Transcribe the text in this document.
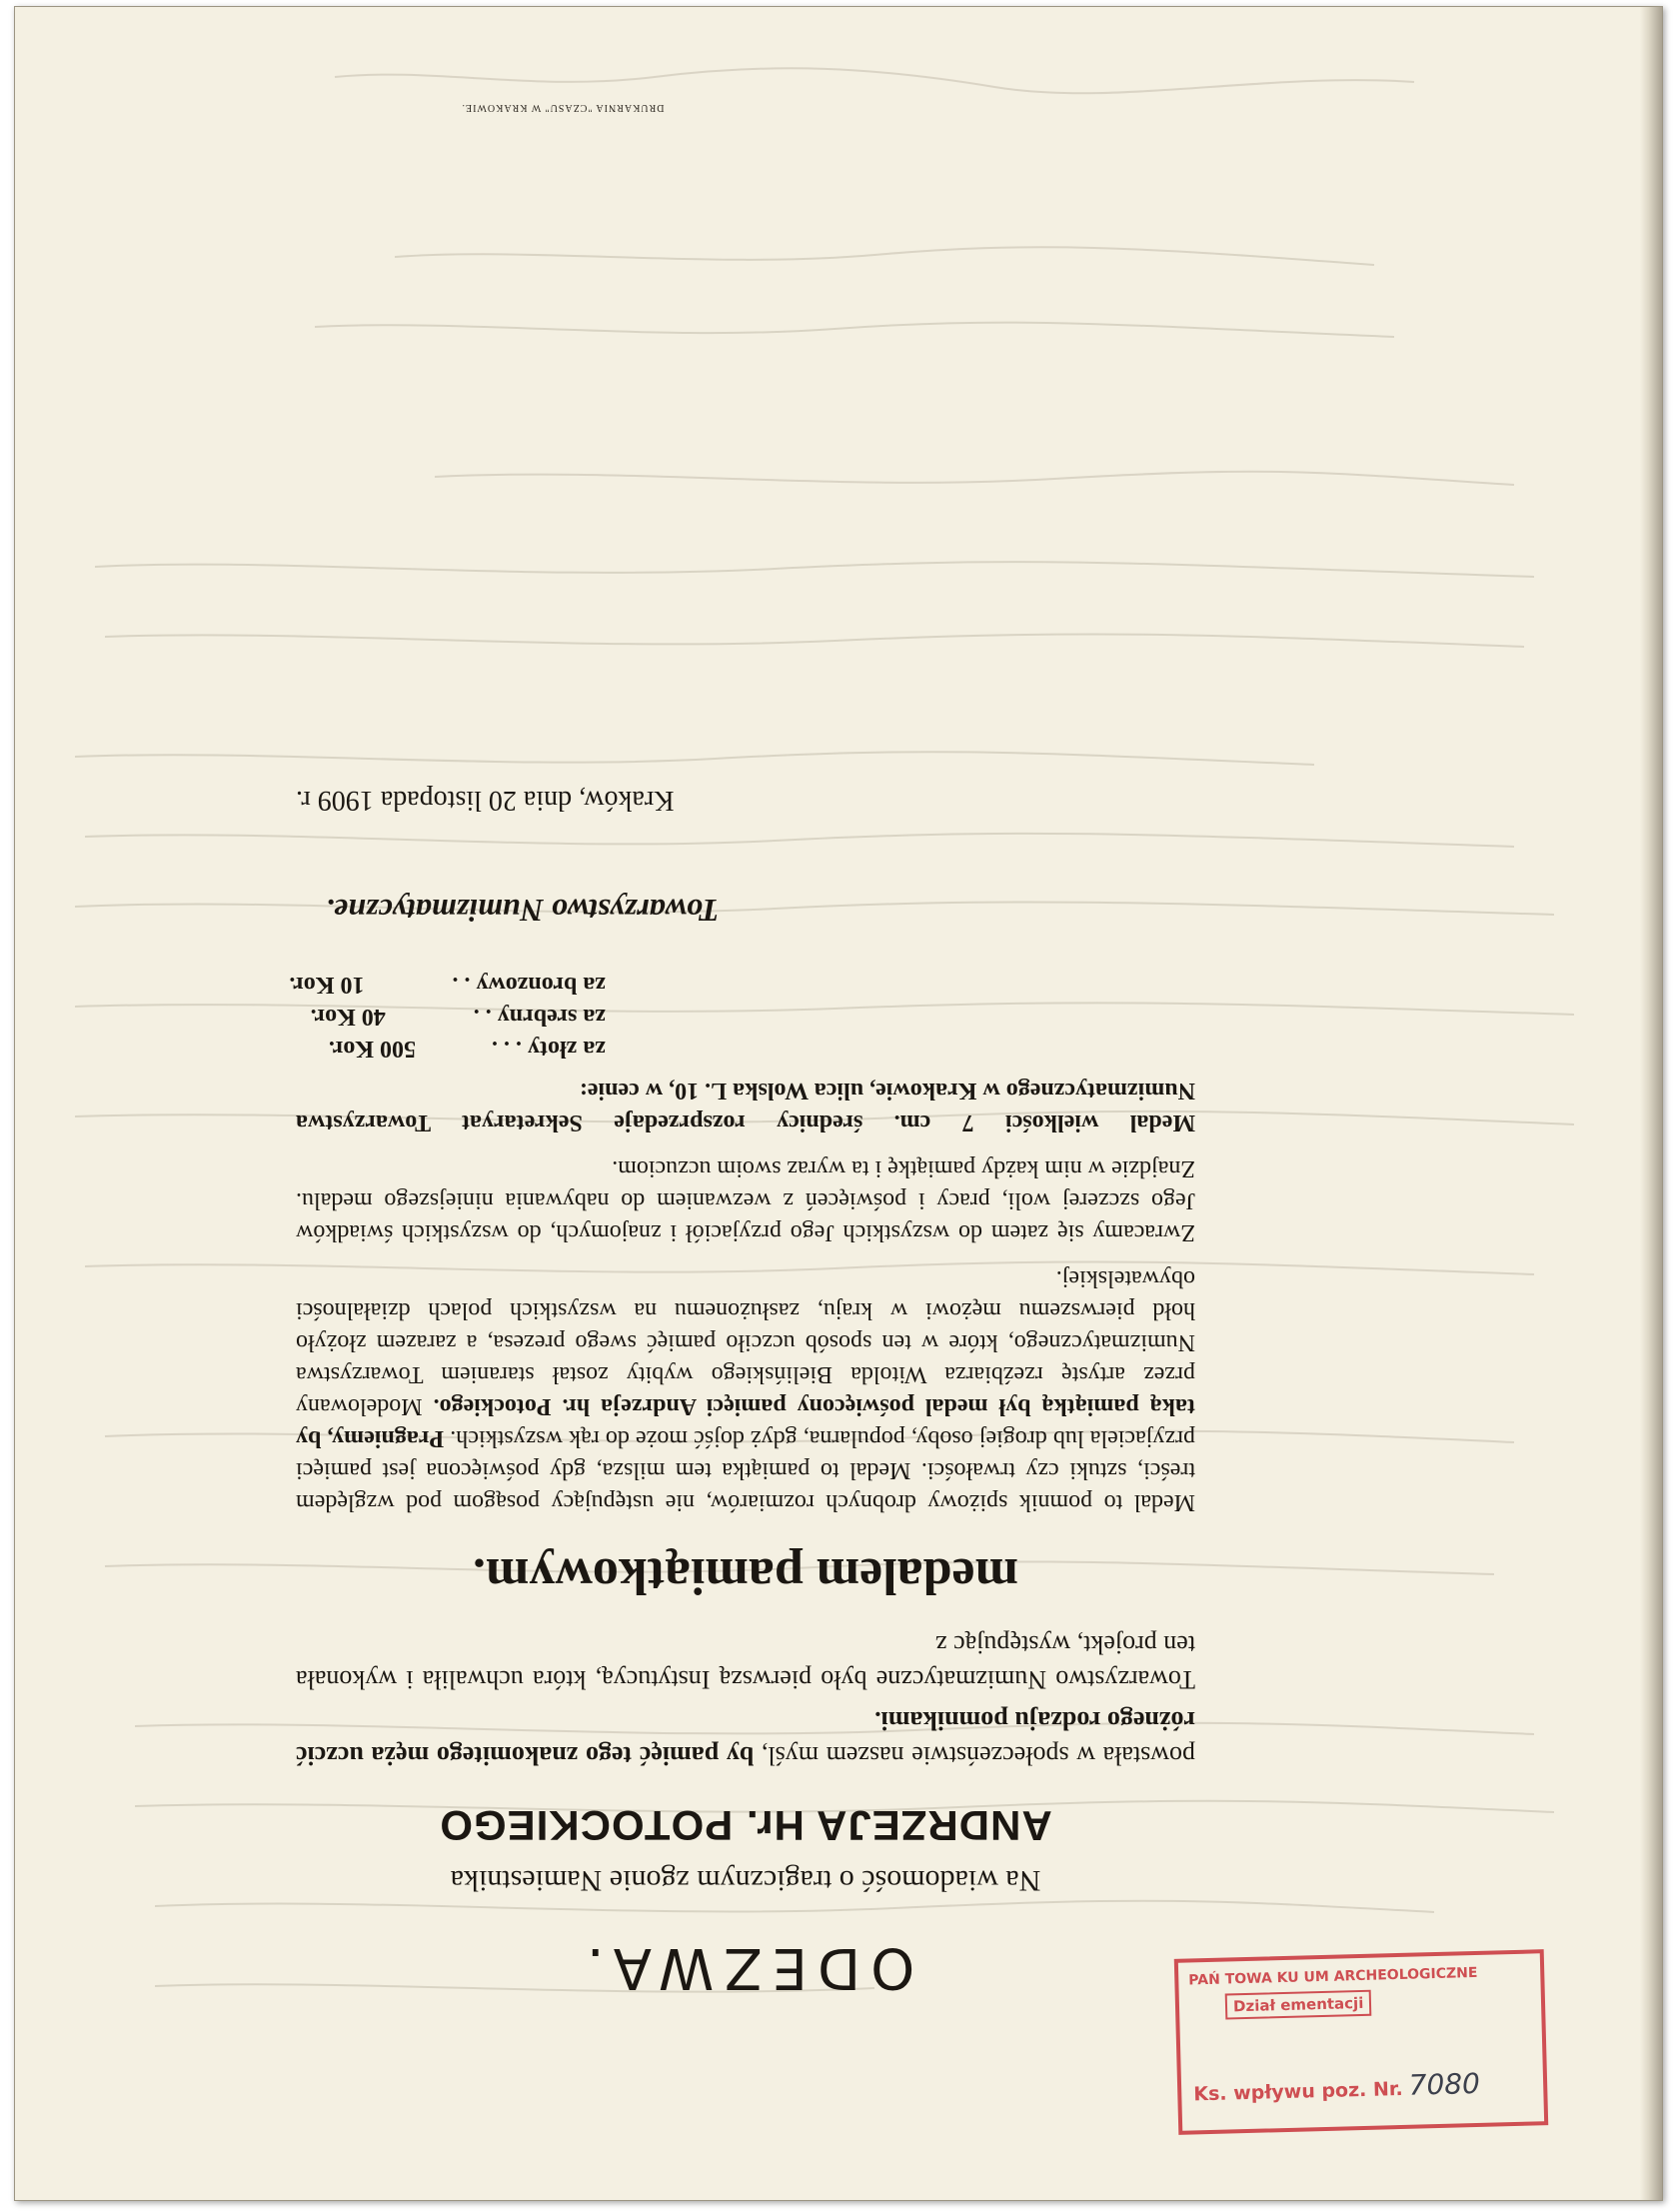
ODEZWA.

Na wiadomość o tragicznym zgonie Namiestnika

ANDRZEJA Hr. POTOCKIEGO

powstała w społeczeństwie naszem myśl, by pamięć tego znakomitego męża uczcić różnego rodzaju pomnikami.

Towarzystwo Numizmatyczne było pierwszą Instytucyą, która uchwaliła i wykonała ten projekt, występując z

medalem pamiątkowym.

Medal to pomnik spiżowy drobnych rozmiarów, nie ustępujący posągom pod względem treści, sztuki czy trwałości. Medal to pamiątka tem milsza, gdy poświęcona jest pamięci przyjaciela lub drogiej osoby, popularna, gdyż dojść może do rąk wszystkich. Pragniemy, by taką pamiątką był medal poświęcony pamięci Andrzeja hr. Potockiego. Modelowany przez artystę rzeźbiarza Witolda Bielińskiego wybity został staraniem Towarzystwa Numizmatycznego, które w ten sposób uczciło pamięć swego prezesa, a zarazem złożyło hołd pierwszemu mężowi w kraju, zasłużonemu na wszystkich polach działalności obywatelskiej.

Zwracamy się zatem do wszystkich Jego przyjaciół i znajomych, do wszystkich świadków Jego szczerej woli, pracy i poświęceń z wezwaniem do nabywania niniejszego medalu. Znajdzie w nim każdy pamiątkę i ta wyraz swoim uczuciom.

Medal wielkości 7 cm. średnicy rozsprzedaje Sekretaryat Towarzystwa Numizmatycznego w Krakowie, ulica Wolska L. 10, w cenie:

za złoty . . . 500 Kor.
za srebrny . . 40 Kor.
za bronzowy . . 10 Kor.

Towarzystwo Numizmatyczne.

Kraków, dnia 20 listopada 1909 r.

DRUKARNIA "CZASU" W KRAKOWIE.
PAŃ TOWA KU UM ARCHEOLOGICZNE
Dział ementacji
Ks. wpływu poz. Nr. 7080
